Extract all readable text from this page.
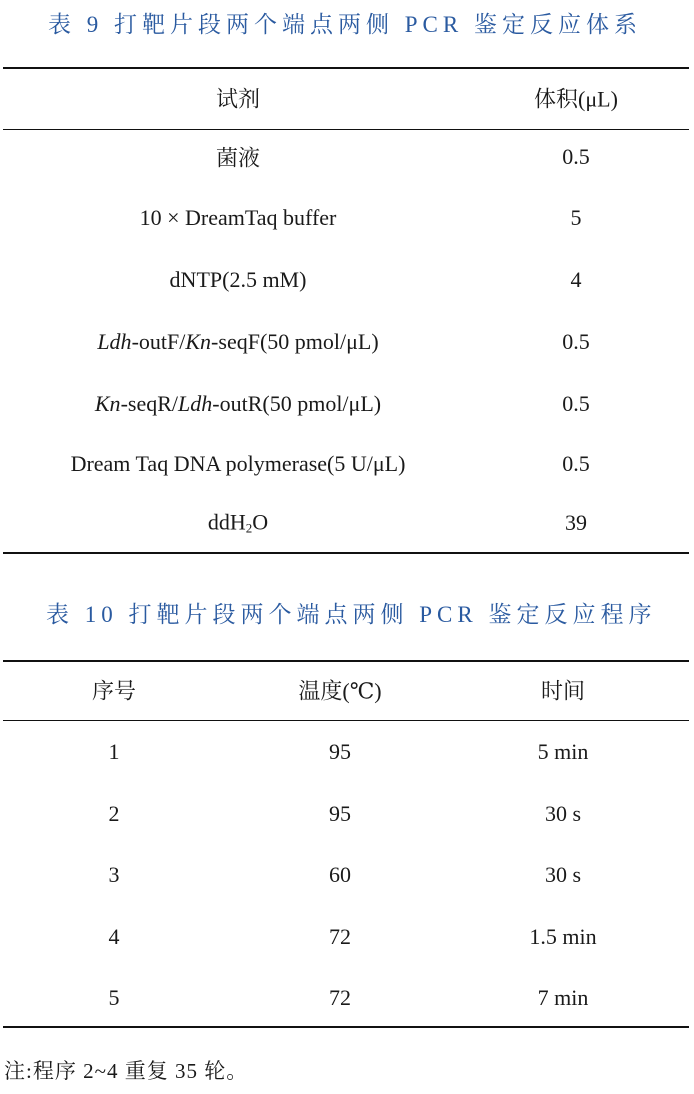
表 9 打靶片段两个端点两侧 PCR 鉴定反应体系
试剂	体积(μL)
菌液	0.5
10 × DreamTaq buffer	5
dNTP(2.5 mM)	4
Ldh-outF/Kn-seqF(50 pmol/μL)	0.5
Kn-seqR/Ldh-outR(50 pmol/μL)	0.5
Dream Taq DNA polymerase(5 U/μL)	0.5
ddH$_2$O	39
表 10 打靶片段两个端点两侧 PCR 鉴定反应程序
序号	温度(℃)	时间
1	95	5 min
2	95	30 s
3	60	30 s
4	72	1.5 min
5	72	7 min
注:程序 2~4 重复 35 轮。
